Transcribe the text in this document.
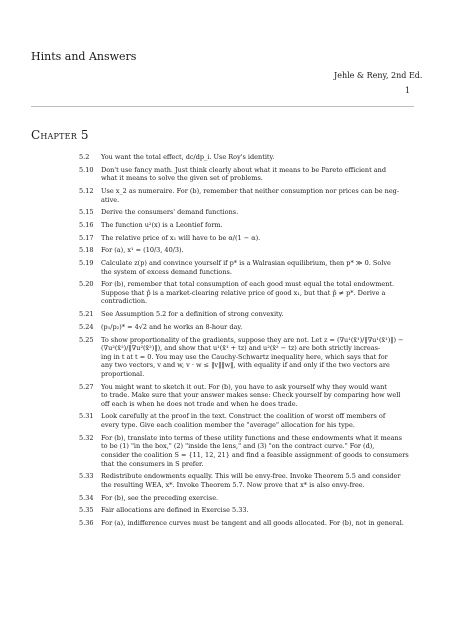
Hints and Answers
Jehle & Reny, 2nd Ed.
1
Chapter 5
5.2	You want the total effect, dc/dp_i. Use Roy's identity.
5.10	Don't use fancy math. Just think clearly about what it means to be Pareto efficient and
what it means to solve the given set of problems.
5.12	Use x_2 as numeraire. For (b), remember that neither consumption nor prices can be neg-
ative.
5.15	Derive the consumers' demand functions.
5.16	The function u²(x) is a Leontief form.
5.17	The relative price of x₁ will have to be α/(1 − α).
5.18	For (a), x¹ = (10/3, 40/3).
5.19	Calculate z(p) and convince yourself if p* is a Walrasian equilibrium, then p* ≫ 0. Solve
the system of excess demand functions.
5.20	For (b), remember that total consumption of each good must equal the total endowment.
Suppose that p̂ is a market-clearing relative price of good x₁, but that p̂ ≠ p*. Derive a
contradiction.
5.21	See Assumption 5.2 for a definition of strong convexity.
5.24	(p₁/p₂)* = 4√2 and he works an 8-hour day.
5.25	To show proportionality of the gradients, suppose they are not. Let z = (∇u¹(x̄¹)/‖∇u¹(x̄¹)‖) −
(∇u²(x̄²)/‖∇u²(x̄²)‖), and show that u¹(x̄¹ + tz) and u²(x̄² − tz) are both strictly increas-
ing in t at t = 0. You may use the Cauchy-Schwartz inequality here, which says that for
any two vectors, v and w, v · w ≤ ‖v‖‖w‖, with equality if and only if the two vectors are
proportional.
5.27	You might want to sketch it out. For (b), you have to ask yourself why they would want
to trade. Make sure that your answer makes sense: Check yourself by comparing how well
off each is when he does not trade and when he does trade.
5.31	Look carefully at the proof in the text. Construct the coalition of worst off members of
every type. Give each coalition member the "average" allocation for his type.
5.32	For (b), translate into terms of these utility functions and these endowments what it means
to be (1) "in the box," (2) "inside the lens," and (3) "on the contract curve." For (d),
consider the coalition S = {11, 12, 21} and find a feasible assignment of goods to consumers
that the consumers in S prefer.
5.33	Redistribute endowments equally. This will be envy-free. Invoke Theorem 5.5 and consider
the resulting WEA, x*. Invoke Theorem 5.7. Now prove that x* is also envy-free.
5.34	For (b), see the preceding exercise.
5.35	Fair allocations are defined in Exercise 5.33.
5.36	For (a), indifference curves must be tangent and all goods allocated. For (b), not in general.
